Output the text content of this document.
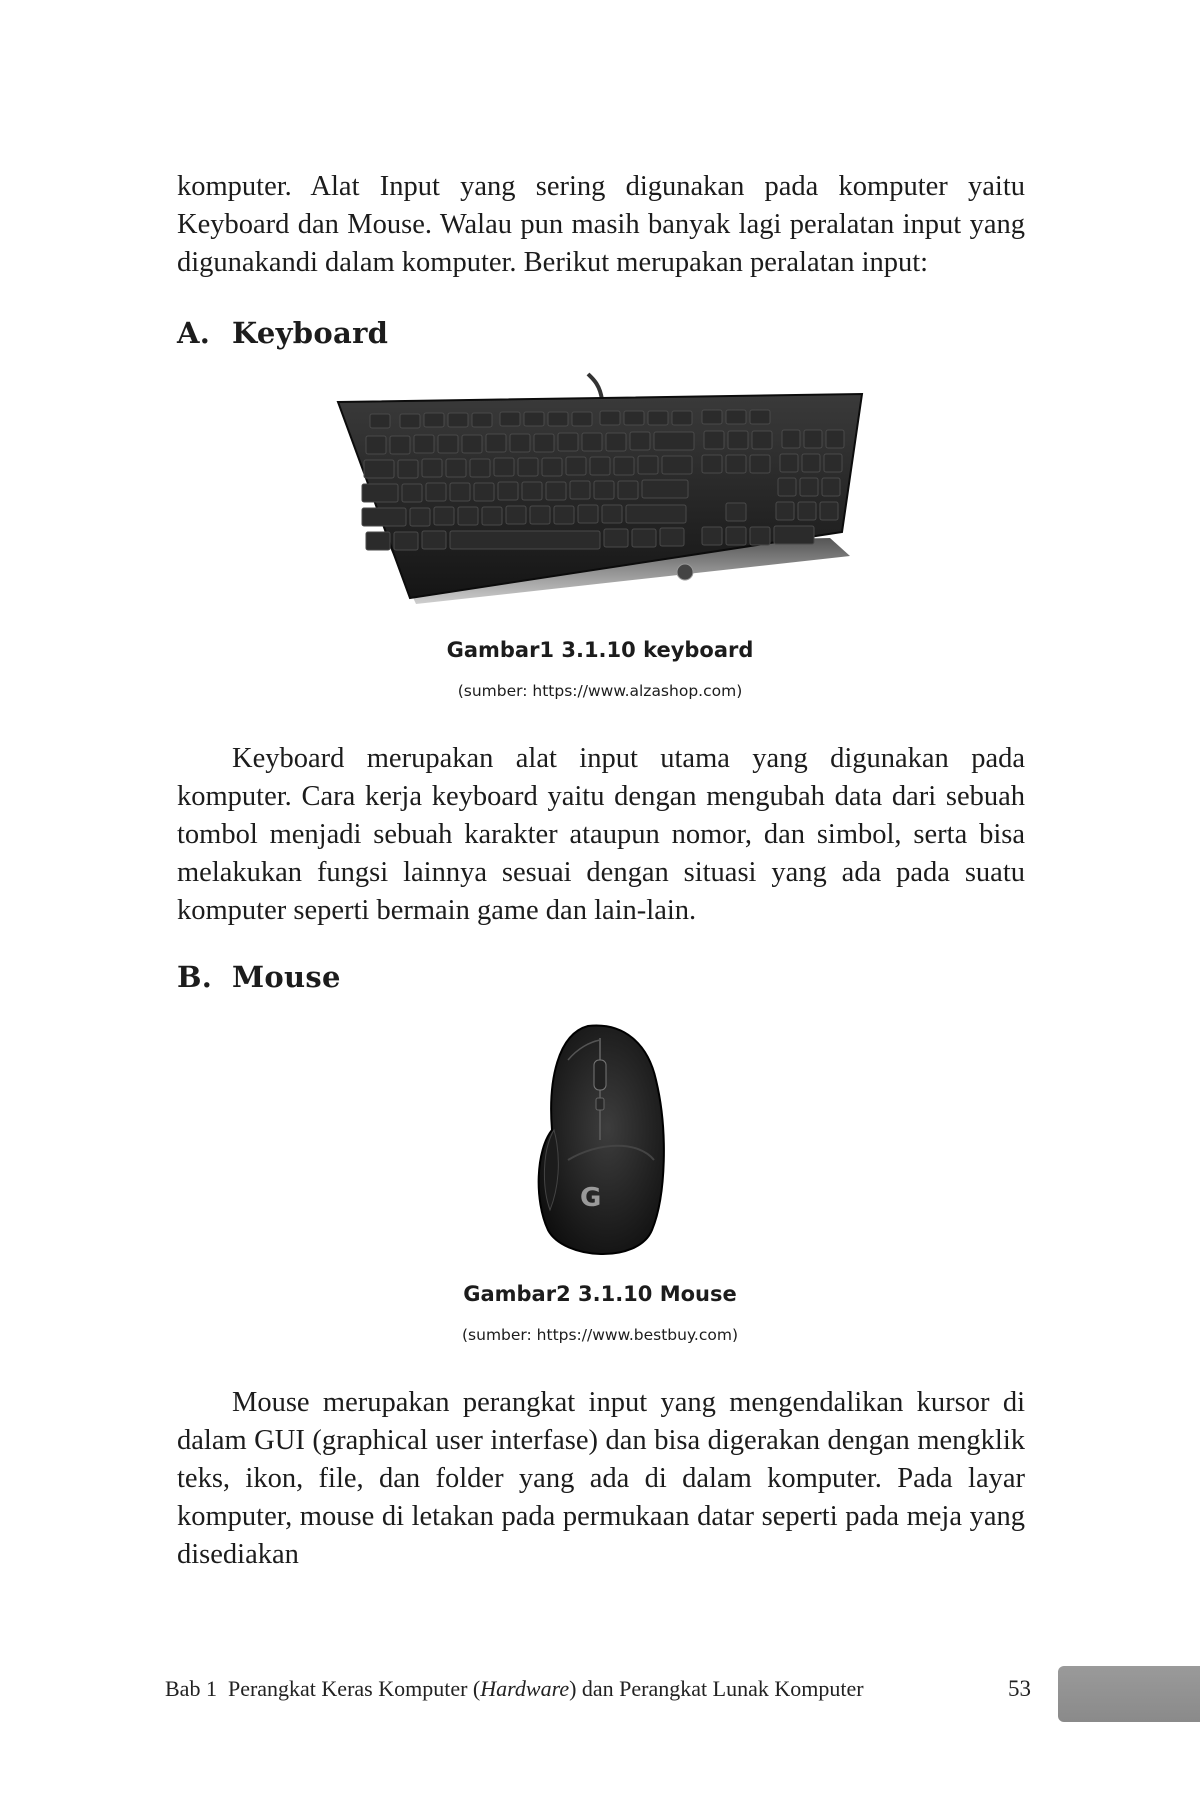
komputer. Alat Input yang sering digunakan pada komputer yaitu Keyboard dan Mouse. Walau pun masih banyak lagi peralatan input yang digunakandi dalam komputer. Berikut merupakan peralatan input:

A. Keyboard

Gambar1 3.1.10 keyboard

(sumber: https://www.alzashop.com)

Keyboard merupakan alat input utama yang digunakan pada komputer. Cara kerja keyboard yaitu dengan mengubah data dari sebuah tombol menjadi sebuah karakter ataupun nomor, dan simbol, serta bisa melakukan fungsi lainnya sesuai dengan situasi yang ada pada suatu komputer seperti bermain game dan lain-lain.

B. Mouse

G

Gambar2 3.1.10 Mouse

(sumber: https://www.bestbuy.com)

Mouse merupakan perangkat input yang mengendalikan kursor di dalam GUI (graphical user interfase) dan bisa digerakan dengan mengklik teks, ikon, file, dan folder yang ada di dalam komputer. Pada layar komputer, mouse di letakan pada permukaan datar seperti pada meja yang disediakan

Bab 1 Perangkat Keras Komputer (Hardware) dan Perangkat Lunak Komputer	53
